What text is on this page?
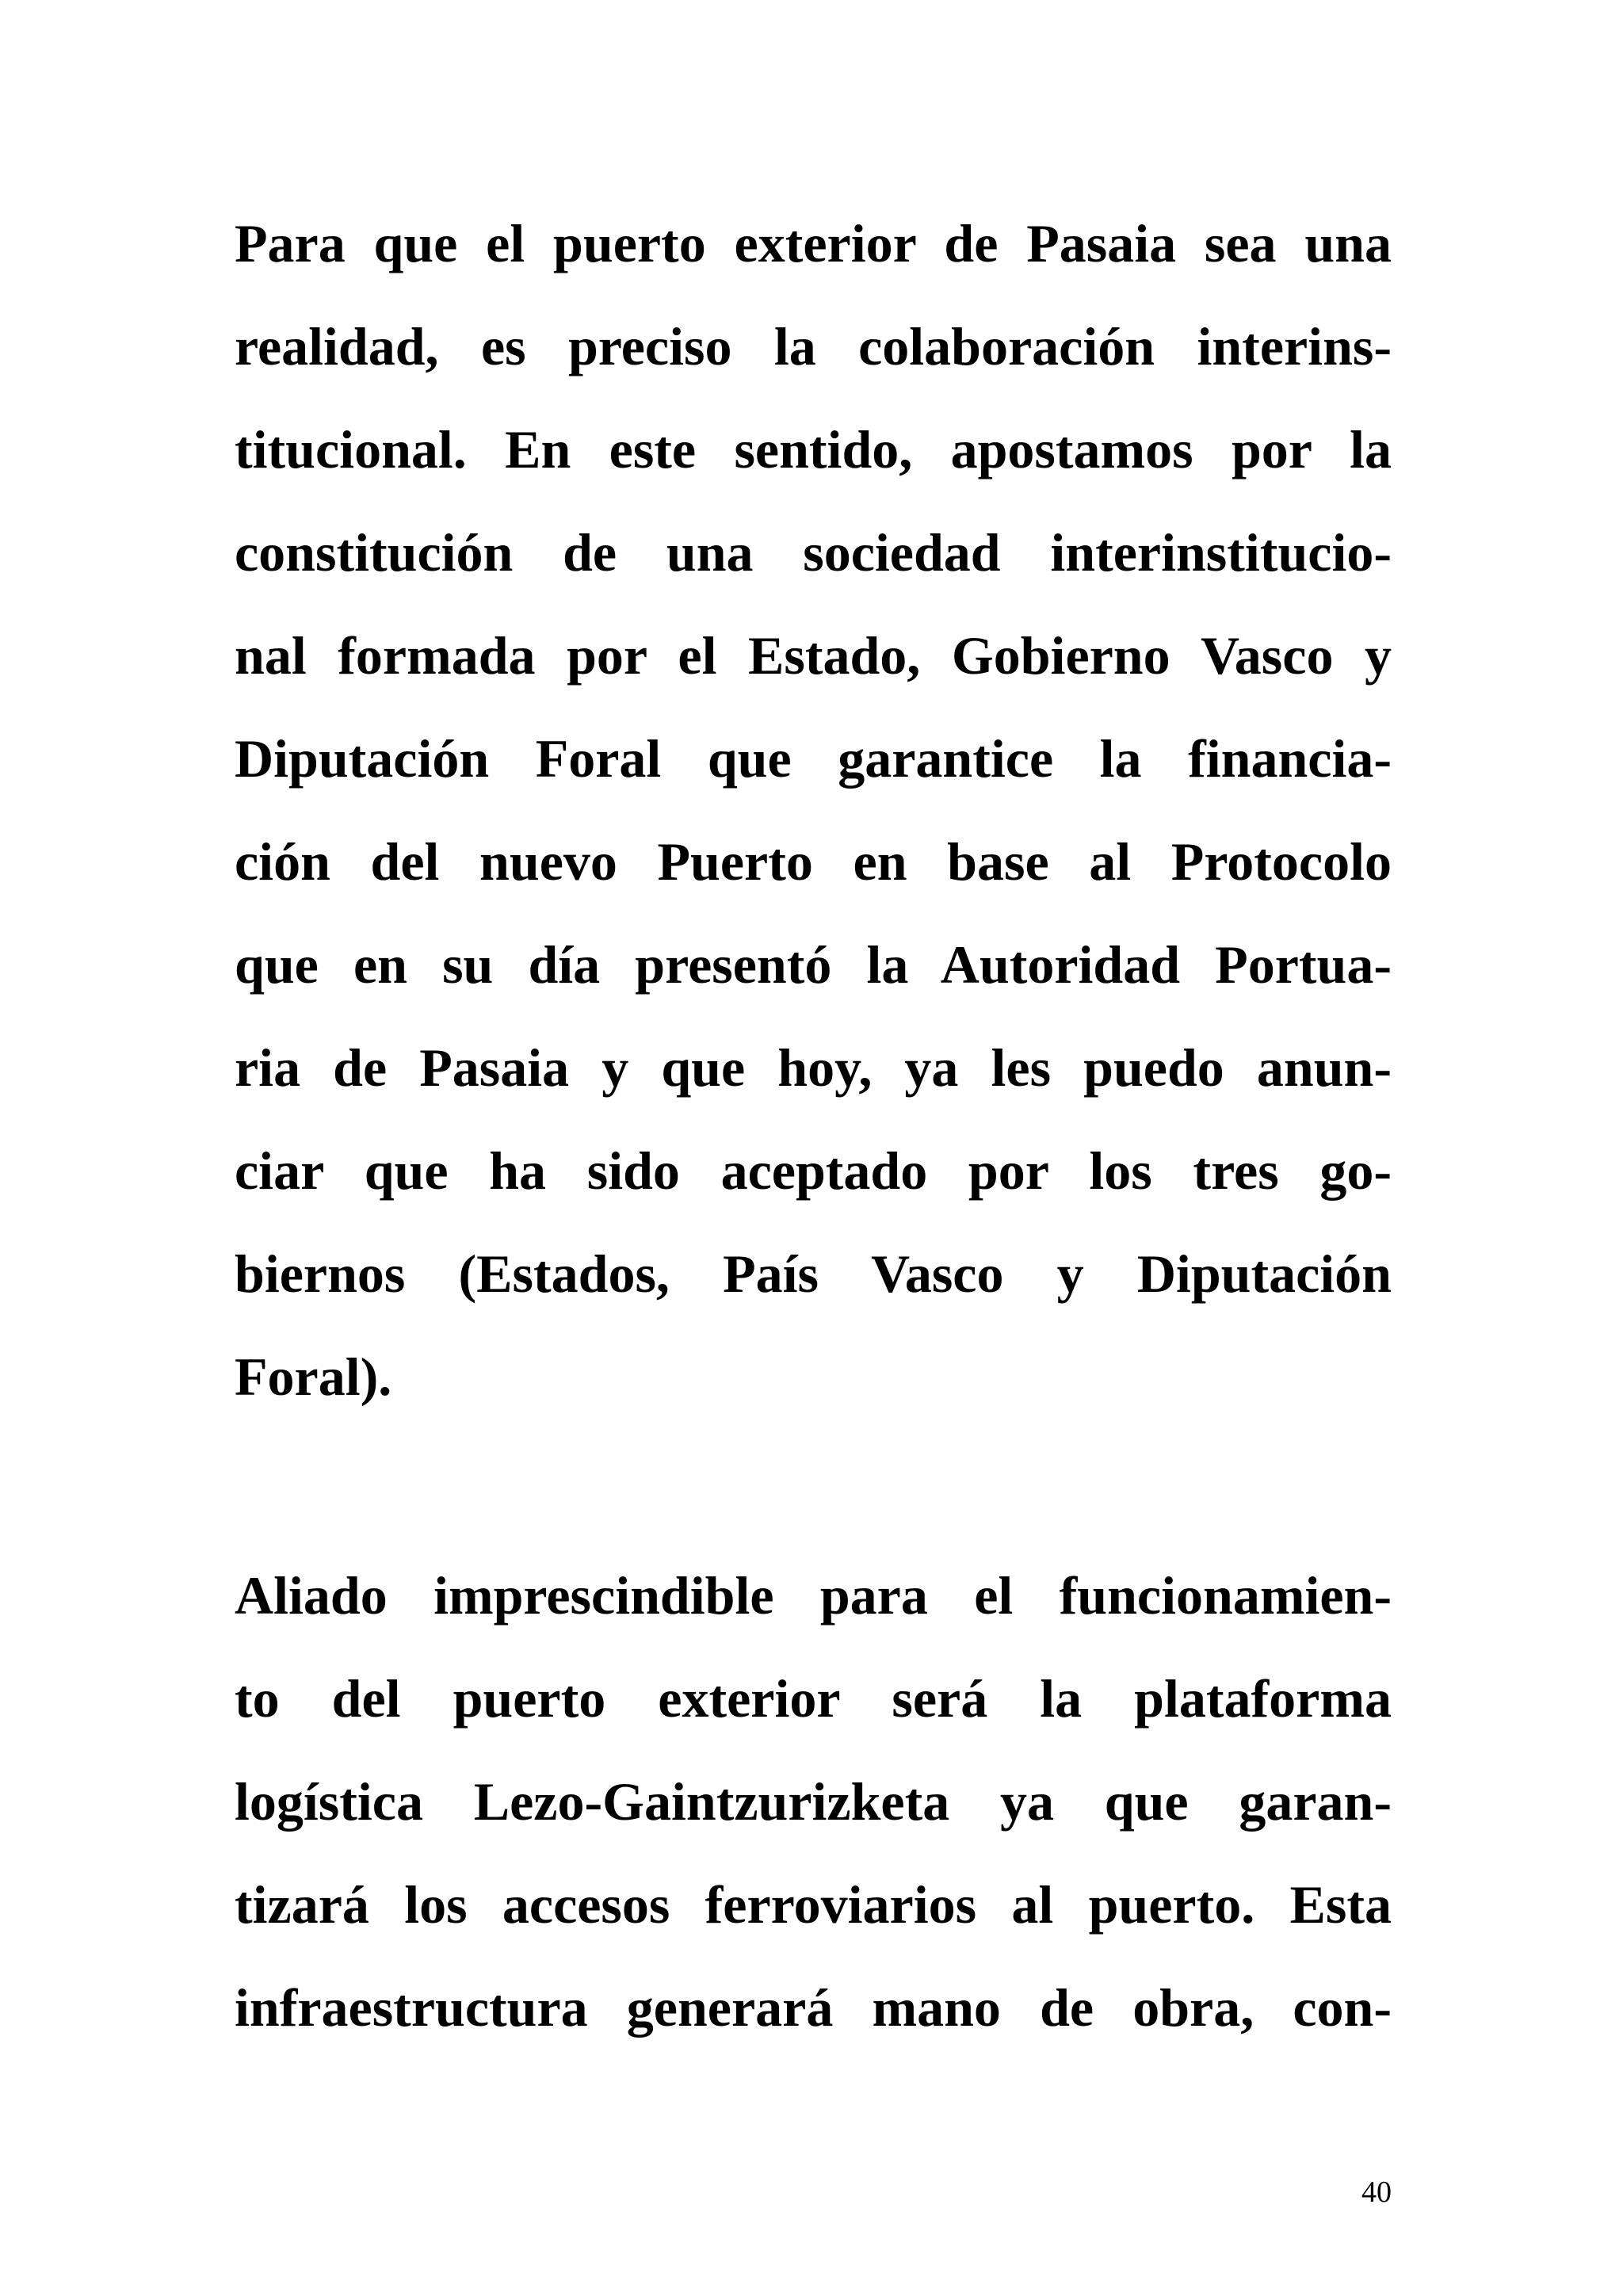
Para que el puerto exterior de Pasaia sea una
realidad, es preciso la colaboración interins-
titucional. En este sentido, apostamos por la
constitución de una sociedad interinstitucio-
nal formada por el Estado, Gobierno Vasco y
Diputación Foral que garantice la financia-
ción del nuevo Puerto en base al Protocolo
que en su día presentó la Autoridad Portua-
ria de Pasaia y que hoy, ya les puedo anun-
ciar que ha sido aceptado por los tres go-
biernos (Estados, País Vasco y Diputación
Foral).
Aliado imprescindible para el funcionamien-
to del puerto exterior será la plataforma
logística Lezo-Gaintzurizketa ya que garan-
tizará los accesos ferroviarios al puerto. Esta
infraestructura generará mano de obra, con-
40
